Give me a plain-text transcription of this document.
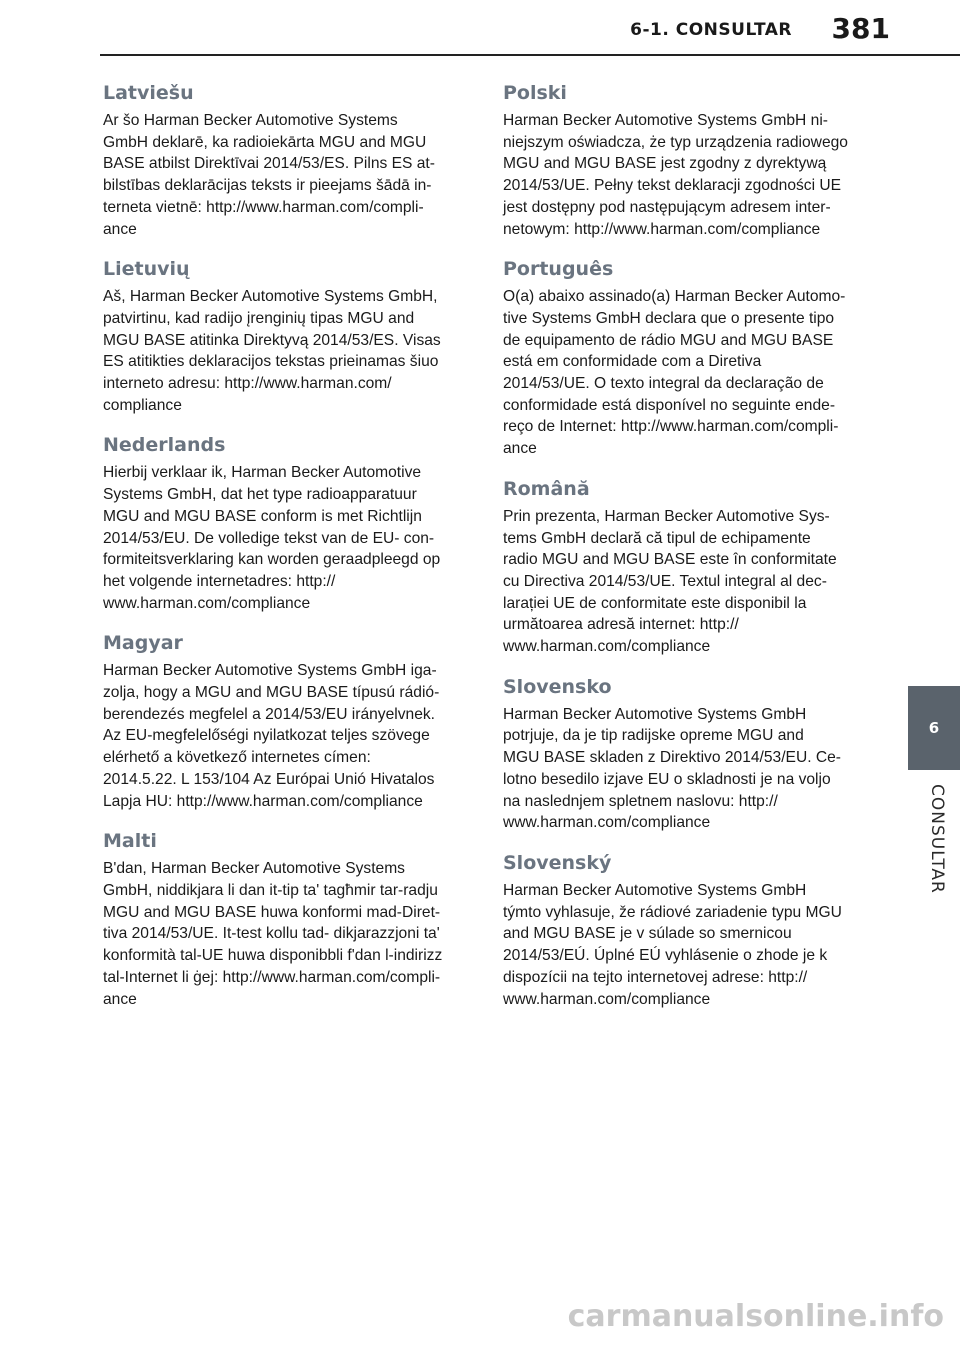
6-1. CONSULTAR 381
Latviešu

Ar šo Harman Becker Automotive Systems
GmbH deklarē, ka radioiekārta MGU and MGU
BASE atbilst Direktīvai 2014/53/ES. Pilns ES at-
bilstības deklarācijas teksts ir pieejams šādā in-
terneta vietnē: http://www.harman.com/compli-
ance

Lietuvių

Aš, Harman Becker Automotive Systems GmbH,
patvirtinu, kad radijo įrenginių tipas MGU and
MGU BASE atitinka Direktyvą 2014/53/ES. Visas
ES atitikties deklaracijos tekstas prieinamas šiuo
interneto adresu: http://www.harman.com/
compliance

Nederlands

Hierbij verklaar ik, Harman Becker Automotive
Systems GmbH, dat het type radioapparatuur
MGU and MGU BASE conform is met Richtlijn
2014/53/EU. De volledige tekst van de EU- con-
formiteitsverklaring kan worden geraadpleegd op
het volgende internetadres: http://
www.harman.com/compliance

Magyar

Harman Becker Automotive Systems GmbH iga-
zolja, hogy a MGU and MGU BASE típusú rádió-
berendezés megfelel a 2014/53/EU irányelvnek.
Az EU-megfelelőségi nyilatkozat teljes szövege
elérhető a következő internetes címen:
2014.5.22. L 153/104 Az Európai Unió Hivatalos
Lapja HU: http://www.harman.com/compliance

Malti

B'dan, Harman Becker Automotive Systems
GmbH, niddikjara li dan it-tip ta' tagħmir tar-radju
MGU and MGU BASE huwa konformi mad-Diret-
tiva 2014/53/UE. It-test kollu tad- dikjarazzjoni ta'
konformità tal-UE huwa disponibbli f'dan l-indirizz
tal-Internet li ġej: http://www.harman.com/compli-
ance

Polski

Harman Becker Automotive Systems GmbH ni-
niejszym oświadcza, że typ urządzenia radiowego
MGU and MGU BASE jest zgodny z dyrektywą
2014/53/UE. Pełny tekst deklaracji zgodności UE
jest dostępny pod następującym adresem inter-
netowym: http://www.harman.com/compliance

Português

O(a) abaixo assinado(a) Harman Becker Automo-
tive Systems GmbH declara que o presente tipo
de equipamento de rádio MGU and MGU BASE
está em conformidade com a Diretiva
2014/53/UE. O texto integral da declaração de
conformidade está disponível no seguinte ende-
reço de Internet: http://www.harman.com/compli-
ance

Română

Prin prezenta, Harman Becker Automotive Sys-
tems GmbH declară că tipul de echipamente
radio MGU and MGU BASE este în conformitate
cu Directiva 2014/53/UE. Textul integral al dec-
larației UE de conformitate este disponibil la
următoarea adresă internet: http://
www.harman.com/compliance

Slovensko

Harman Becker Automotive Systems GmbH
potrjuje, da je tip radijske opreme MGU and
MGU BASE skladen z Direktivo 2014/53/EU. Ce-
lotno besedilo izjave EU o skladnosti je na voljo
na naslednjem spletnem naslovu: http://
www.harman.com/compliance

Slovenský

Harman Becker Automotive Systems GmbH
týmto vyhlasuje, že rádiové zariadenie typu MGU
and MGU BASE je v súlade so smernicou
2014/53/EÚ. Úplné EÚ vyhlásenie o zhode je k
dispozícii na tejto internetovej adrese: http://
www.harman.com/compliance

6
CONSULTAR
carmanualsonline.info
